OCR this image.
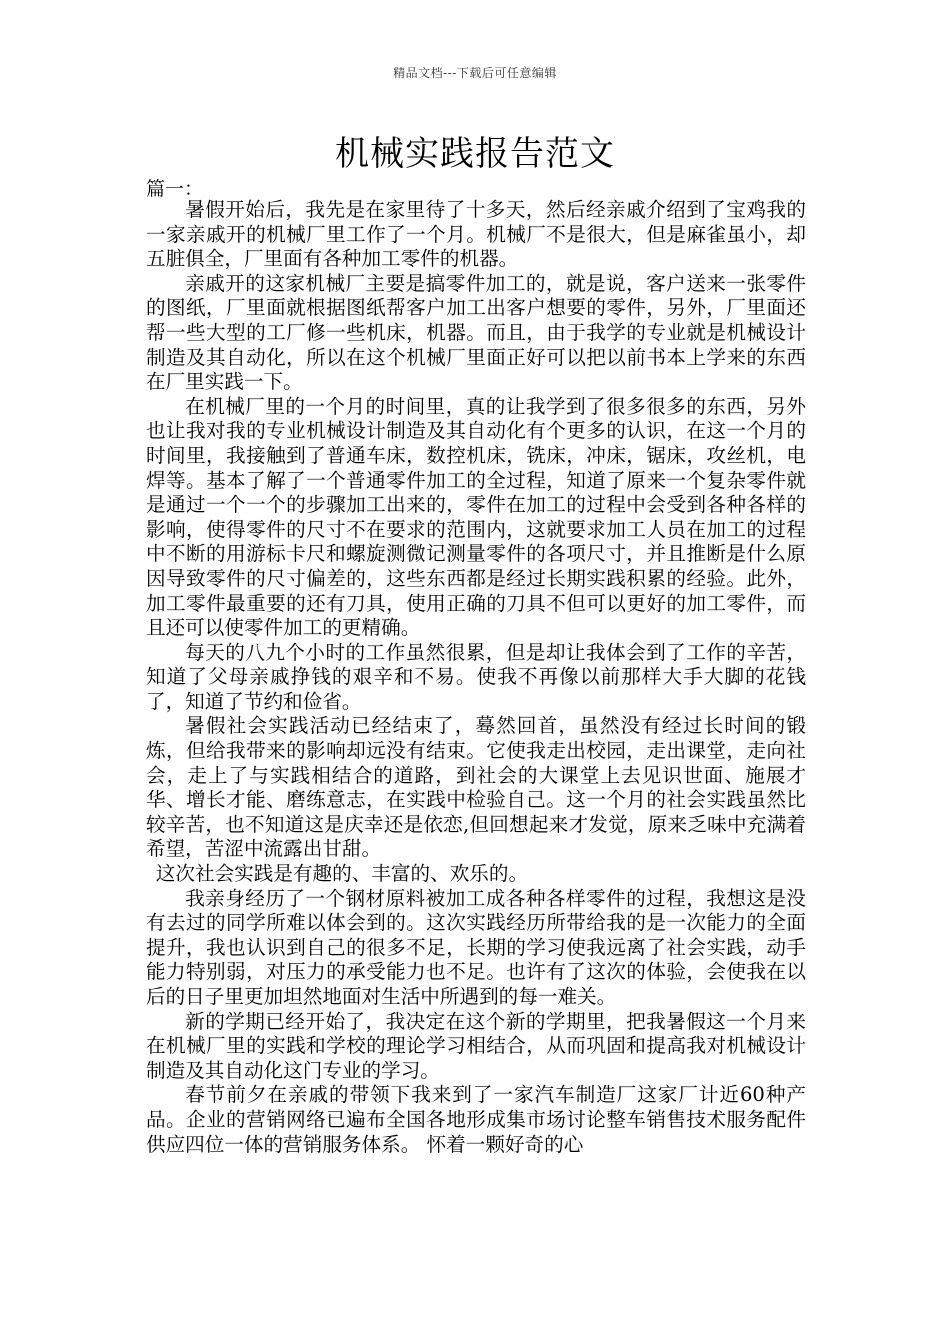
精品文档---下载后可任意编辑
机械实践报告范文
篇一：

暑假开始后，我先是在家里待了十多天，然后经亲戚介绍到了宝鸡我的一家亲戚开的机械厂里工作了一个月。机械厂不是很大，但是麻雀虽小，却五脏俱全，厂里面有各种加工零件的机器。

亲戚开的这家机械厂主要是搞零件加工的，就是说，客户送来一张零件的图纸，厂里面就根据图纸帮客户加工出客户想要的零件，另外，厂里面还帮一些大型的工厂修一些机床，机器。而且，由于我学的专业就是机械设计制造及其自动化，所以在这个机械厂里面正好可以把以前书本上学来的东西在厂里实践一下。

在机械厂里的一个月的时间里，真的让我学到了很多很多的东西，另外也让我对我的专业机械设计制造及其自动化有个更多的认识，在这一个月的时间里，我接触到了普通车床，数控机床，铣床，冲床，锯床，攻丝机，电焊等。基本了解了一个普通零件加工的全过程，知道了原来一个复杂零件就是通过一个一个的步骤加工出来的，零件在加工的过程中会受到各种各样的影响，使得零件的尺寸不在要求的范围内，这就要求加工人员在加工的过程中不断的用游标卡尺和螺旋测微记测量零件的各项尺寸，并且推断是什么原因导致零件的尺寸偏差的，这些东西都是经过长期实践积累的经验。此外，加工零件最重要的还有刀具，使用正确的刀具不但可以更好的加工零件，而且还可以使零件加工的更精确。

每天的八九个小时的工作虽然很累，但是却让我体会到了工作的辛苦，知道了父母亲戚挣钱的艰辛和不易。使我不再像以前那样大手大脚的花钱了，知道了节约和俭省。

暑假社会实践活动已经结束了，蓦然回首，虽然没有经过长时间的锻炼，但给我带来的影响却远没有结束。它使我走出校园，走出课堂，走向社会，走上了与实践相结合的道路，到社会的大课堂上去见识世面、施展才华、增长才能、磨练意志，在实践中检验自己。这一个月的社会实践虽然比较辛苦，也不知道这是庆幸还是依恋,但回想起来才发觉，原来乏味中充满着希望，苦涩中流露出甘甜。

这次社会实践是有趣的、丰富的、欢乐的。

我亲身经历了一个钢材原料被加工成各种各样零件的过程，我想这是没有去过的同学所难以体会到的。这次实践经历所带给我的是一次能力的全面提升，我也认识到自己的很多不足，长期的学习使我远离了社会实践，动手能力特别弱，对压力的承受能力也不足。也许有了这次的体验，会使我在以后的日子里更加坦然地面对生活中所遇到的每一难关。

新的学期已经开始了，我决定在这个新的学期里，把我暑假这一个月来在机械厂里的实践和学校的理论学习相结合，从而巩固和提高我对机械设计制造及其自动化这门专业的学习。

春节前夕在亲戚的带领下我来到了一家汽车制造厂这家厂计近60种产品。企业的营销网络已遍布全国各地形成集市场讨论整车销售技术服务配件供应四位一体的营销服务体系。 怀着一颗好奇的心
